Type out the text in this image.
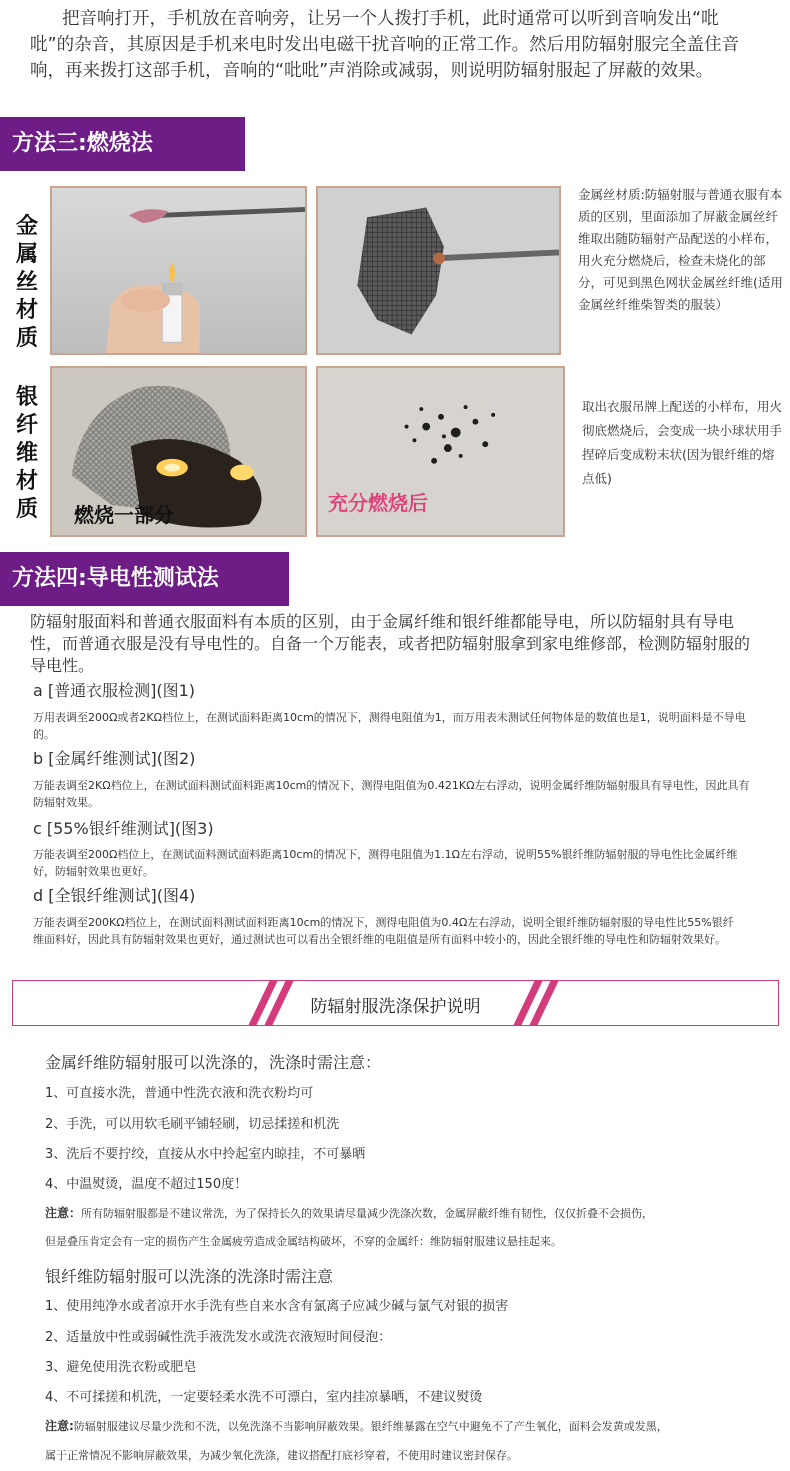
把音响打开，手机放在音响旁，让另一个人拨打手机，此时通常可以听到音响发出“吡吡”的杂音，其原因是手机来电时发出电磁干扰音响的正常工作。然后用防辐射服完全盖住音响，再来拨打这部手机，音响的“吡吡”声消除或减弱，则说明防辐射服起了屏蔽的效果。
方法三:燃烧法
金属丝材质
金属丝材质:防辐射服与普通衣服有本质的区别，里面添加了屏蔽金属丝纤维取出随防辐射产品配送的小样布，用火充分燃烧后，检查未烧化的部分，可见到黑色网状金属丝纤维(适用金属丝纤维柴智类的服装）
银纤维材质 燃烧一部分	充分燃烧后
取出衣服吊牌上配送的小样布，用火彻底燃烧后，会变成一块小球状用手捏碎后变成粉末状(因为银纤维的熔点低)
方法四:导电性测试法
防辐射服面料和普通衣服面料有本质的区别，由于金属纤维和银纤维都能导电，所以防辐射具有导电性，而普通衣服是没有导电性的。自备一个万能表，或者把防辐射服拿到家电维修部，检测防辐射服的导电性。
a [普通衣服检测](图1)
万用表调至200Ω或者2KΩ档位上，在测试面料距离10cm的情况下，测得电阻值为1，而万用表未测试任何物体是的数值也是1，说明面料是不导电的。
b [金属纤维测试](图2)
万能表调至2KΩ档位上，在测试面料测试面料距离10cm的情况下，测得电阻值为0.421KΩ左右浮动，说明金属纤维防辐射服具有导电性，因此具有防辐射效果。
c [55%银纤维测试](图3)
万能表调至200Ω档位上，在测试面料测试面料距离10cm的情况下，测得电阻值为1.1Ω左右浮动，说明55%银纤维防辐射服的导电性比金属纤维好，防辐射效果也更好。
d [全银纤维测试](图4)
万能表调至200KΩ档位上，在测试面料测试面料距离10cm的情况下，测得电阻值为0.4Ω左右浮动，说明全银纤维防辐射服的导电性比55%银纤维面料好，因此具有防辐射效果也更好，通过测试也可以看出全银纤维的电阻值是所有面料中较小的，因此全银纤维的导电性和防辐射效果好。
防辐射服洗涤保护说明
金属纤维防辐射服可以洗涤的，洗涤时需注意：
1、可直接水洗，普通中性洗衣液和洗衣粉均可
2、手洗，可以用软毛刷平铺轻刷，切忌揉搓和机洗
3、洗后不要拧绞，直接从水中拎起室内晾挂，不可暴晒
4、中温熨烫，温度不超过150度！
注意：所有防辐射服都是不建议常洗，为了保持长久的效果请尽量减少洗涤次数，金属屏蔽纤维有韧性，仅仅折叠不会损伤，
但是叠压肯定会有一定的损伤产生金属疲劳造成金属结构破坏，不穿的金属纤：维防辐射服建议悬挂起来。
银纤维防辐射服可以洗涤的洗涤时需注意
1、使用纯净水或者凉开水手洗有些自来水含有氯离子应减少碱与氯气对银的损害
2、适量放中性或弱碱性洗手液洗发水或洗衣液短时间侵泡：
3、避免使用洗衣粉或肥皂
4、不可揉搓和机洗，一定要轻柔水洗不可漂白，室内挂凉暴晒，不建议熨烫
注意:防辐射服建议尽量少洗和不洗，以免洗涤不当影响屏蔽效果。银纤维暴露在空气中避免不了产生氧化，面料会发黄或发黑，
属于正常情况不影响屏蔽效果，为减少氧化洗涤，建议搭配打底衫穿着，不使用时建议密封保存。
